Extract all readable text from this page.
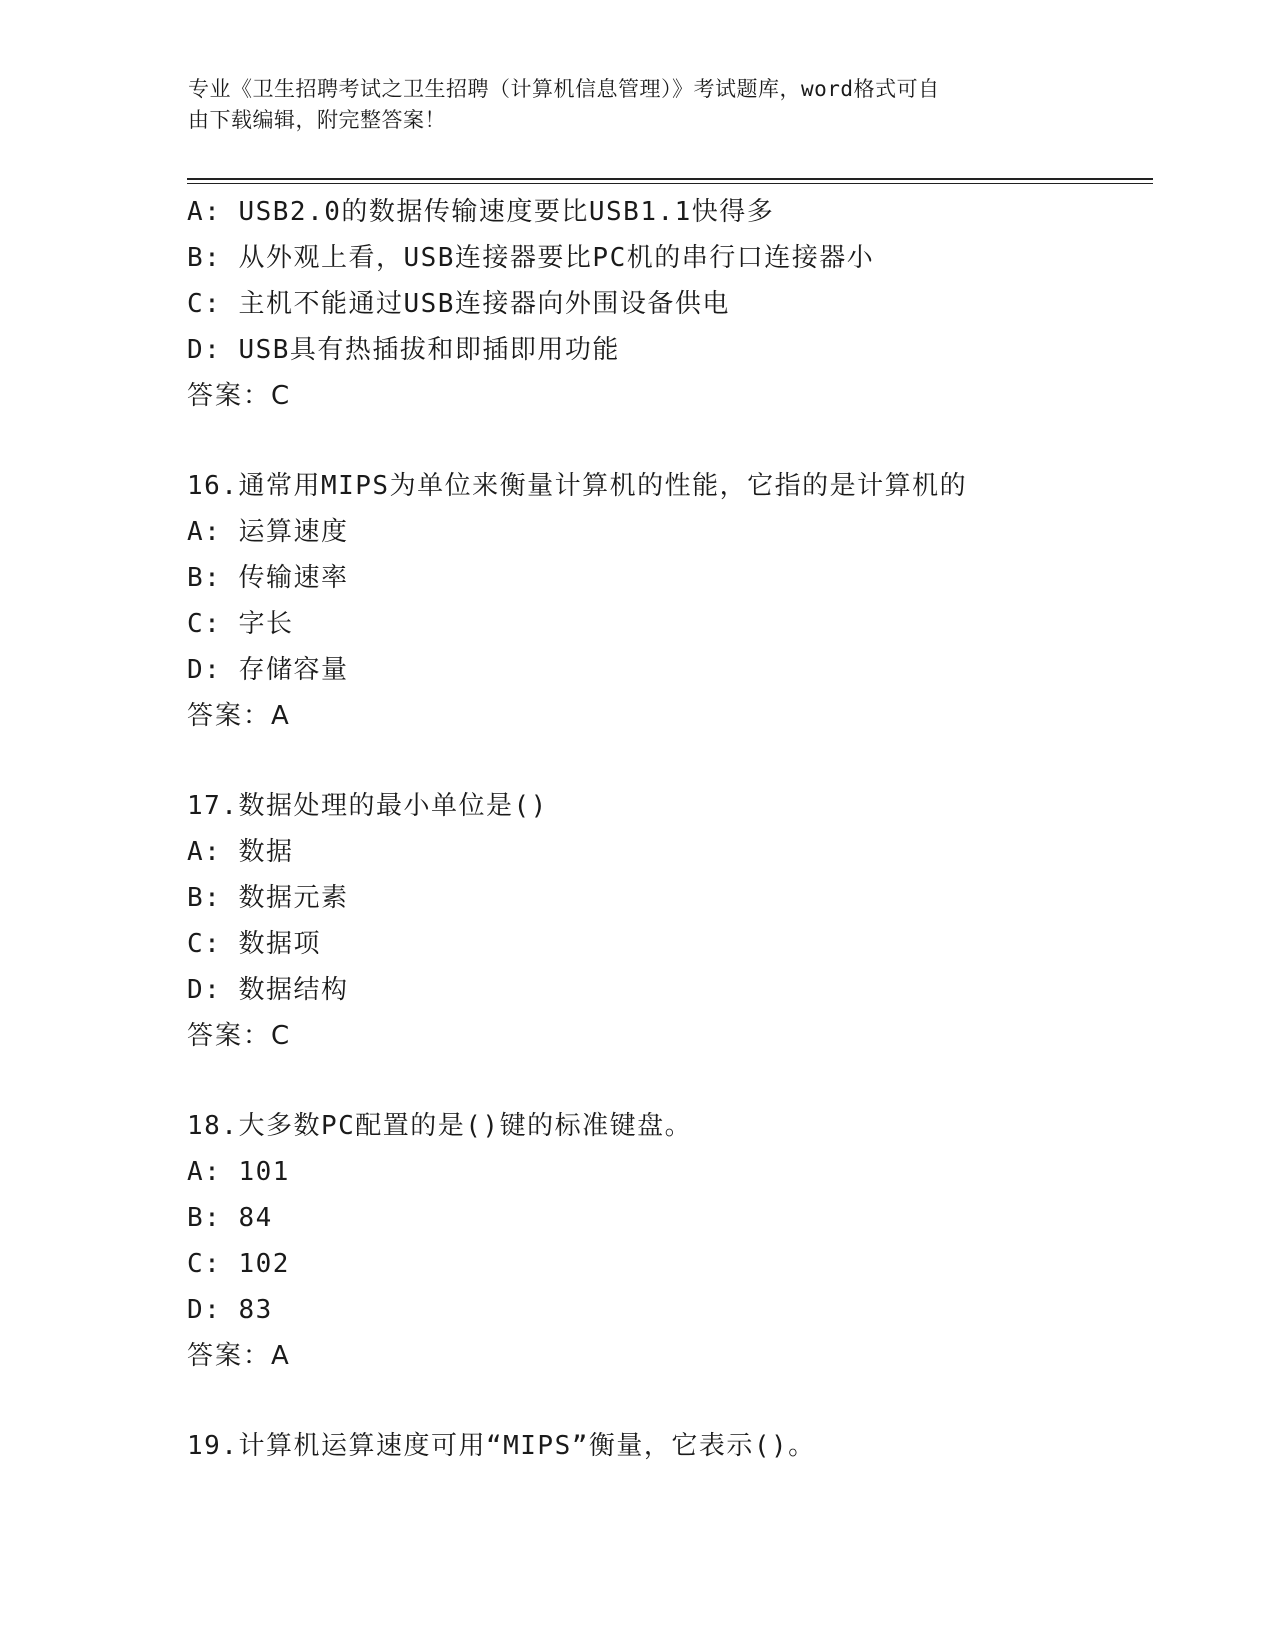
专业《卫生招聘考试之卫生招聘（计算机信息管理）》考试题库，word格式可自
由下载编辑，附完整答案！
A: USB2.0的数据传输速度要比USB1.1快得多
B: 从外观上看，USB连接器要比PC机的串行口连接器小
C: 主机不能通过USB连接器向外围设备供电
D: USB具有热插拔和即插即用功能
答案：C
16.通常用MIPS为单位来衡量计算机的性能，它指的是计算机的
A: 运算速度
B: 传输速率
C: 字长
D: 存储容量
答案：A
17.数据处理的最小单位是()
A: 数据
B: 数据元素
C: 数据项
D: 数据结构
答案：C
18.大多数PC配置的是()键的标准键盘。
A: 101
B: 84
C: 102
D: 83
答案：A
19.计算机运算速度可用“MIPS”衡量，它表示()。
